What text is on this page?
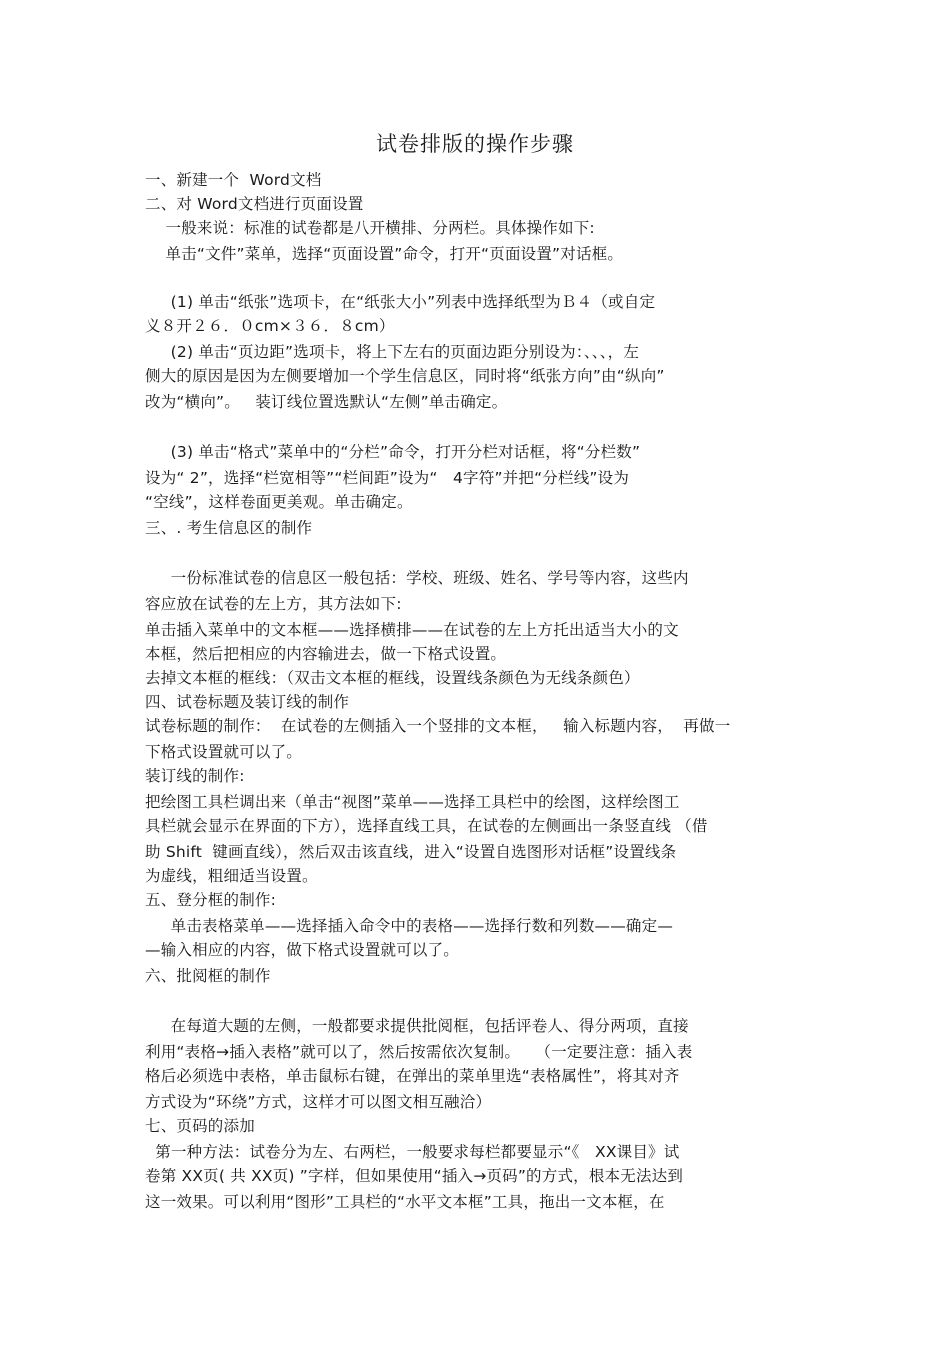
试卷排版的操作步骤
一、新建一个  Word文档
二、对 Word文档进行页面设置
一般来说：标准的试卷都是八开横排、分两栏。具体操作如下:
单击“文件”菜单，选择“页面设置”命令，打开“页面设置”对话框。
(1) 单击“纸张”选项卡，在“纸张大小”列表中选择纸型为Ｂ４（或自定
义８开２６．０cm×３６．８cm）
(2) 单击“页边距”选项卡，将上下左右的页面边距分别设为：、、、，左
侧大的原因是因为左侧要增加一个学生信息区，同时将“纸张方向”由“纵向”
改为“横向”。   装订线位置选默认“左侧”单击确定。
(3) 单击“格式”菜单中的“分栏”命令，打开分栏对话框，将“分栏数”
设为“ 2”，选择“栏宽相等”“栏间距”设为“   4字符”并把“分栏线”设为
“空线”，这样卷面更美观。单击确定。
三、. 考生信息区的制作
一份标准试卷的信息区一般包括：学校、班级、姓名、学号等内容，这些内
容应放在试卷的左上方，其方法如下:
单击插入菜单中的文本框——选择横排——在试卷的左上方托出适当大小的文
本框，然后把相应的内容输进去，做一下格式设置。
去掉文本框的框线：（双击文本框的框线，设置线条颜色为无线条颜色）
四、试卷标题及装订线的制作
试卷标题的制作：  在试卷的左侧插入一个竖排的文本框，   输入标题内容，  再做一
下格式设置就可以了。
装订线的制作:
把绘图工具栏调出来（单击“视图”菜单——选择工具栏中的绘图，这样绘图工
具栏就会显示在界面的下方），选择直线工具，在试卷的左侧画出一条竖直线 （借
助 Shift  键画直线），然后双击该直线，进入“设置自选图形对话框”设置线条
为虚线，粗细适当设置。
五、登分框的制作:
单击表格菜单——选择插入命令中的表格——选择行数和列数——确定—
—输入相应的内容，做下格式设置就可以了。
六、批阅框的制作
在每道大题的左侧，一般都要求提供批阅框，包括评卷人、得分两项，直接
利用“表格→插入表格”就可以了，然后按需依次复制。   （一定要注意：插入表
格后必须选中表格，单击鼠标右键，在弹出的菜单里选“表格属性”，将其对齐
方式设为“环绕”方式，这样才可以图文相互融洽）
七、页码的添加
第一种方法：试卷分为左、右两栏，一般要求每栏都要显示“《   XX课目》试
卷第 XX页( 共 XX页) ”字样，但如果使用“插入→页码”的方式，根本无法达到
这一效果。可以利用“图形”工具栏的“水平文本框”工具，拖出一文本框，在
